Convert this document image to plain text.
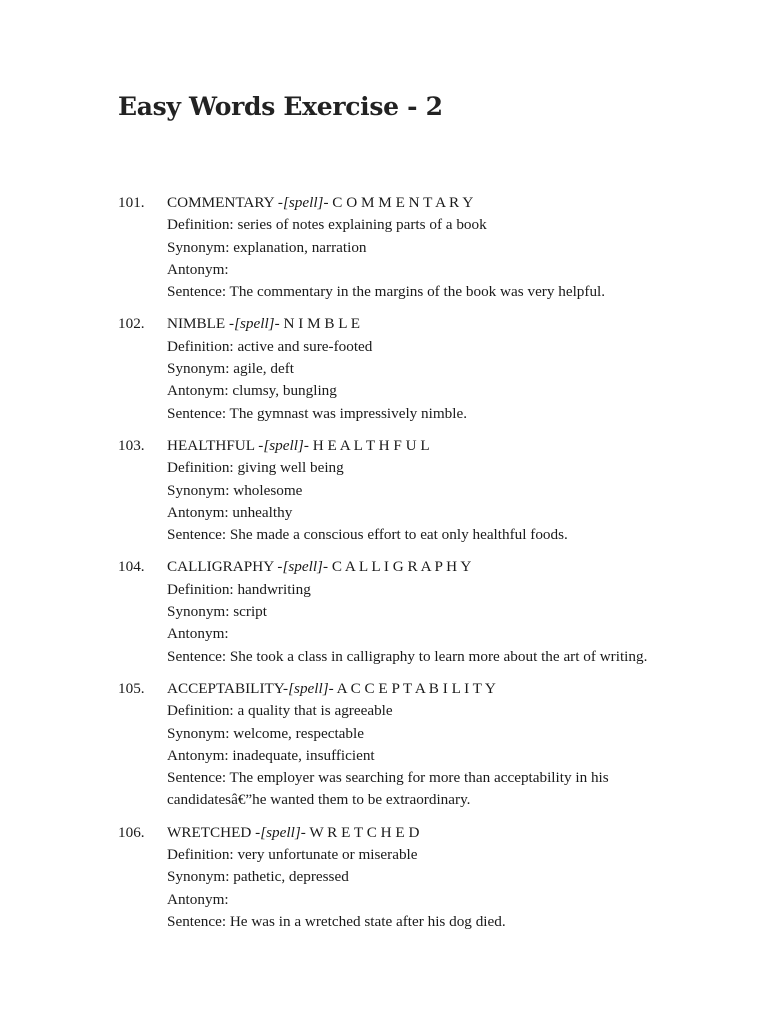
Easy Words Exercise - 2
101.	COMMENTARY -[spell]- C O M M E N T A R Y
Definition: series of notes explaining parts of a book
Synonym: explanation, narration
Antonym:
Sentence: The commentary in the margins of the book was very helpful.
102.	NIMBLE -[spell]- N I M B L E
Definition: active and sure-footed
Synonym: agile, deft
Antonym: clumsy, bungling
Sentence: The gymnast was impressively nimble.
103.	HEALTHFUL -[spell]- H E A L T H F U L
Definition: giving well being
Synonym: wholesome
Antonym: unhealthy
Sentence: She made a conscious effort to eat only healthful foods.
104.	CALLIGRAPHY -[spell]- C A L L I G R A P H Y
Definition: handwriting
Synonym: script
Antonym:
Sentence: She took a class in calligraphy to learn more about the art of writing.
105.	ACCEPTABILITY-[spell]- A C C E P T A B I L I T Y
Definition: a quality that is agreeable
Synonym: welcome, respectable
Antonym: inadequate, insufficient
Sentence: The employer was searching for more than acceptability in his candidatesâ€”he wanted them to be extraordinary.
106.	WRETCHED -[spell]- W R E T C H E D
Definition: very unfortunate or miserable
Synonym: pathetic, depressed
Antonym:
Sentence: He was in a wretched state after his dog died.
